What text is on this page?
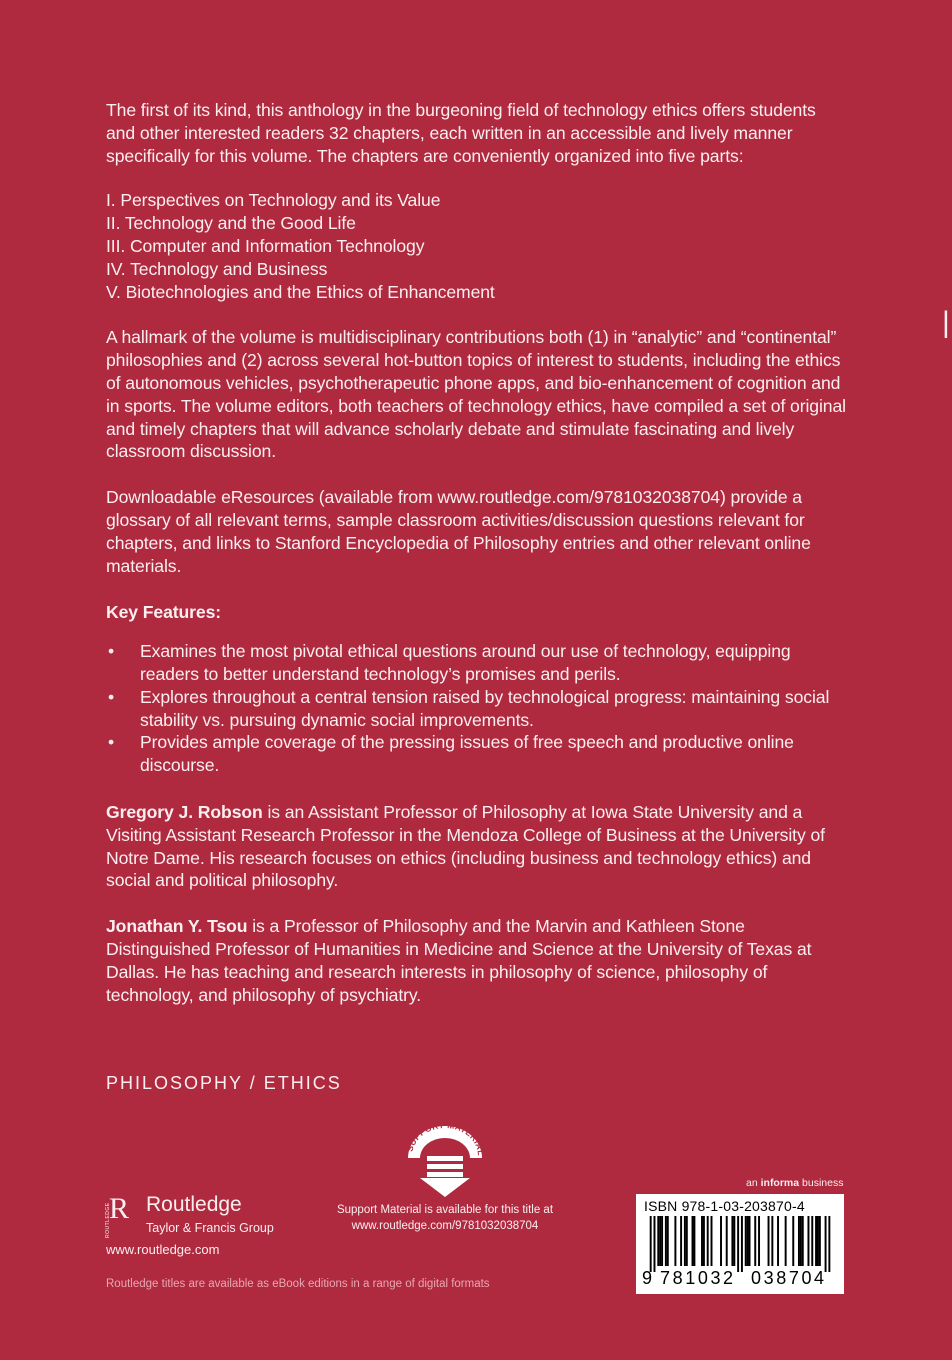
|

The first of its kind, this anthology in the burgeoning field of technology ethics offers students and other interested readers 32 chapters, each written in an accessible and lively manner specifically for this volume. The chapters are conveniently organized into five parts:

I. Perspectives on Technology and its Value
II. Technology and the Good Life
III. Computer and Information Technology
IV. Technology and Business
V. Biotechnologies and the Ethics of Enhancement

A hallmark of the volume is multidisciplinary contributions both (1) in “analytic” and “continental” philosophies and (2) across several hot-button topics of interest to students, including the ethics of autonomous vehicles, psychotherapeutic phone apps, and bio-enhancement of cognition and in sports. The volume editors, both teachers of technology ethics, have compiled a set of original and timely chapters that will advance scholarly debate and stimulate fascinating and lively classroom discussion.

Downloadable eResources (available from www.routledge.com/9781032038704) provide a glossary of all relevant terms, sample classroom activities/discussion questions relevant for chapters, and links to Stanford Encyclopedia of Philosophy entries and other relevant online materials.

Key Features:

• Examines the most pivotal ethical questions around our use of technology, equipping readers to better understand technology’s promises and perils.
• Explores throughout a central tension raised by technological progress: maintaining social stability vs. pursuing dynamic social improvements.
• Provides ample coverage of the pressing issues of free speech and productive online discourse.

Gregory J. Robson is an Assistant Professor of Philosophy at Iowa State University and a Visiting Assistant Research Professor in the Mendoza College of Business at the University of Notre Dame. His research focuses on ethics (including business and technology ethics) and social and political philosophy.

Jonathan Y. Tsou is a Professor of Philosophy and the Marvin and Kathleen Stone Distinguished Professor of Humanities in Medicine and Science at the University of Texas at Dallas. He has teaching and research interests in philosophy of science, philosophy of technology, and philosophy of psychiatry.

PHILOSOPHY / ETHICS
R
ROUTLEDGE Routledge
Taylor & Francis Group
www.routledge.com
Routledge titles are available as eBook editions in a range of digital formats
SUPPORT MATERIAL
Support Material is available for this title at
www.routledge.com/9781032038704
an informa business
ISBN 978-1-03-203870-4
9 781032 038704
